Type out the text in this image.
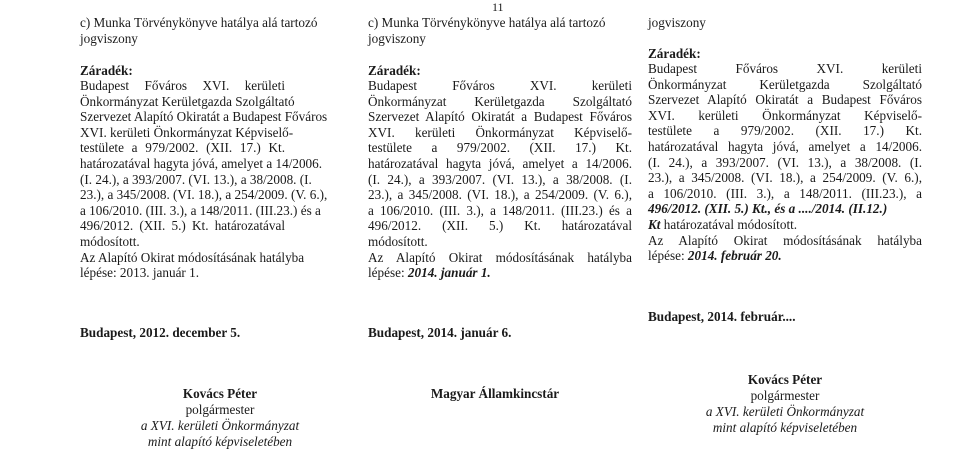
11
c) Munka Törvénykönyve hatálya alá tartozó
jogviszony
Záradék:
Budapest Főváros XVI. kerületi
Önkormányzat Kerületgazda Szolgáltató
Szervezet Alapító Okiratát a Budapest Főváros
XVI. kerületi Önkormányzat Képviselő-
testülete a 979/2002. (XII. 17.) Kt.
határozatával hagyta jóvá, amelyet a 14/2006.
(I. 24.), a 393/2007. (VI. 13.), a 38/2008. (I.
23.), a 345/2008. (VI. 18.), a 254/2009. (V. 6.),
a 106/2010. (III. 3.), a 148/2011. (III.23.) és a
496/2012. (XII. 5.) Kt. határozatával
módosított.
Az Alapító Okirat módosításának hatályba
lépése: 2013. január 1.
Budapest, 2012. december 5.
Kovács Péter
polgármester
a XVI. kerületi Önkormányzat
mint alapító képviseletében
c) Munka Törvénykönyve hatálya alá tartozó
jogviszony
Záradék:
Budapest Főváros XVI. kerületi
Önkormányzat Kerületgazda Szolgáltató
Szervezet Alapító Okiratát a Budapest Főváros
XVI. kerületi Önkormányzat Képviselő-
testülete a 979/2002. (XII. 17.) Kt.
határozatával hagyta jóvá, amelyet a 14/2006.
(I. 24.), a 393/2007. (VI. 13.), a 38/2008. (I.
23.), a 345/2008. (VI. 18.), a 254/2009. (V. 6.),
a 106/2010. (III. 3.), a 148/2011. (III.23.) és a
496/2012. (XII. 5.) Kt. határozatával
módosított.
Az Alapító Okirat módosításának hatályba
lépése: 2014. január 1.
Budapest, 2014. január 6.
Magyar Államkincstár
jogviszony
Záradék:
Budapest Főváros XVI. kerületi
Önkormányzat Kerületgazda Szolgáltató
Szervezet Alapító Okiratát a Budapest Főváros
XVI. kerületi Önkormányzat Képviselő-
testülete a 979/2002. (XII. 17.) Kt.
határozatával hagyta jóvá, amelyet a 14/2006.
(I. 24.), a 393/2007. (VI. 13.), a 38/2008. (I.
23.), a 345/2008. (VI. 18.), a 254/2009. (V. 6.),
a 106/2010. (III. 3.), a 148/2011. (III.23.), a
496/2012. (XII. 5.) Kt., és a ..../2014. (II.12.)
Kt határozatával módosított.
Az Alapító Okirat módosításának hatályba
lépése: 2014. február 20.
Budapest, 2014. február....
Kovács Péter
polgármester
a XVI. kerületi Önkormányzat
mint alapító képviseletében
